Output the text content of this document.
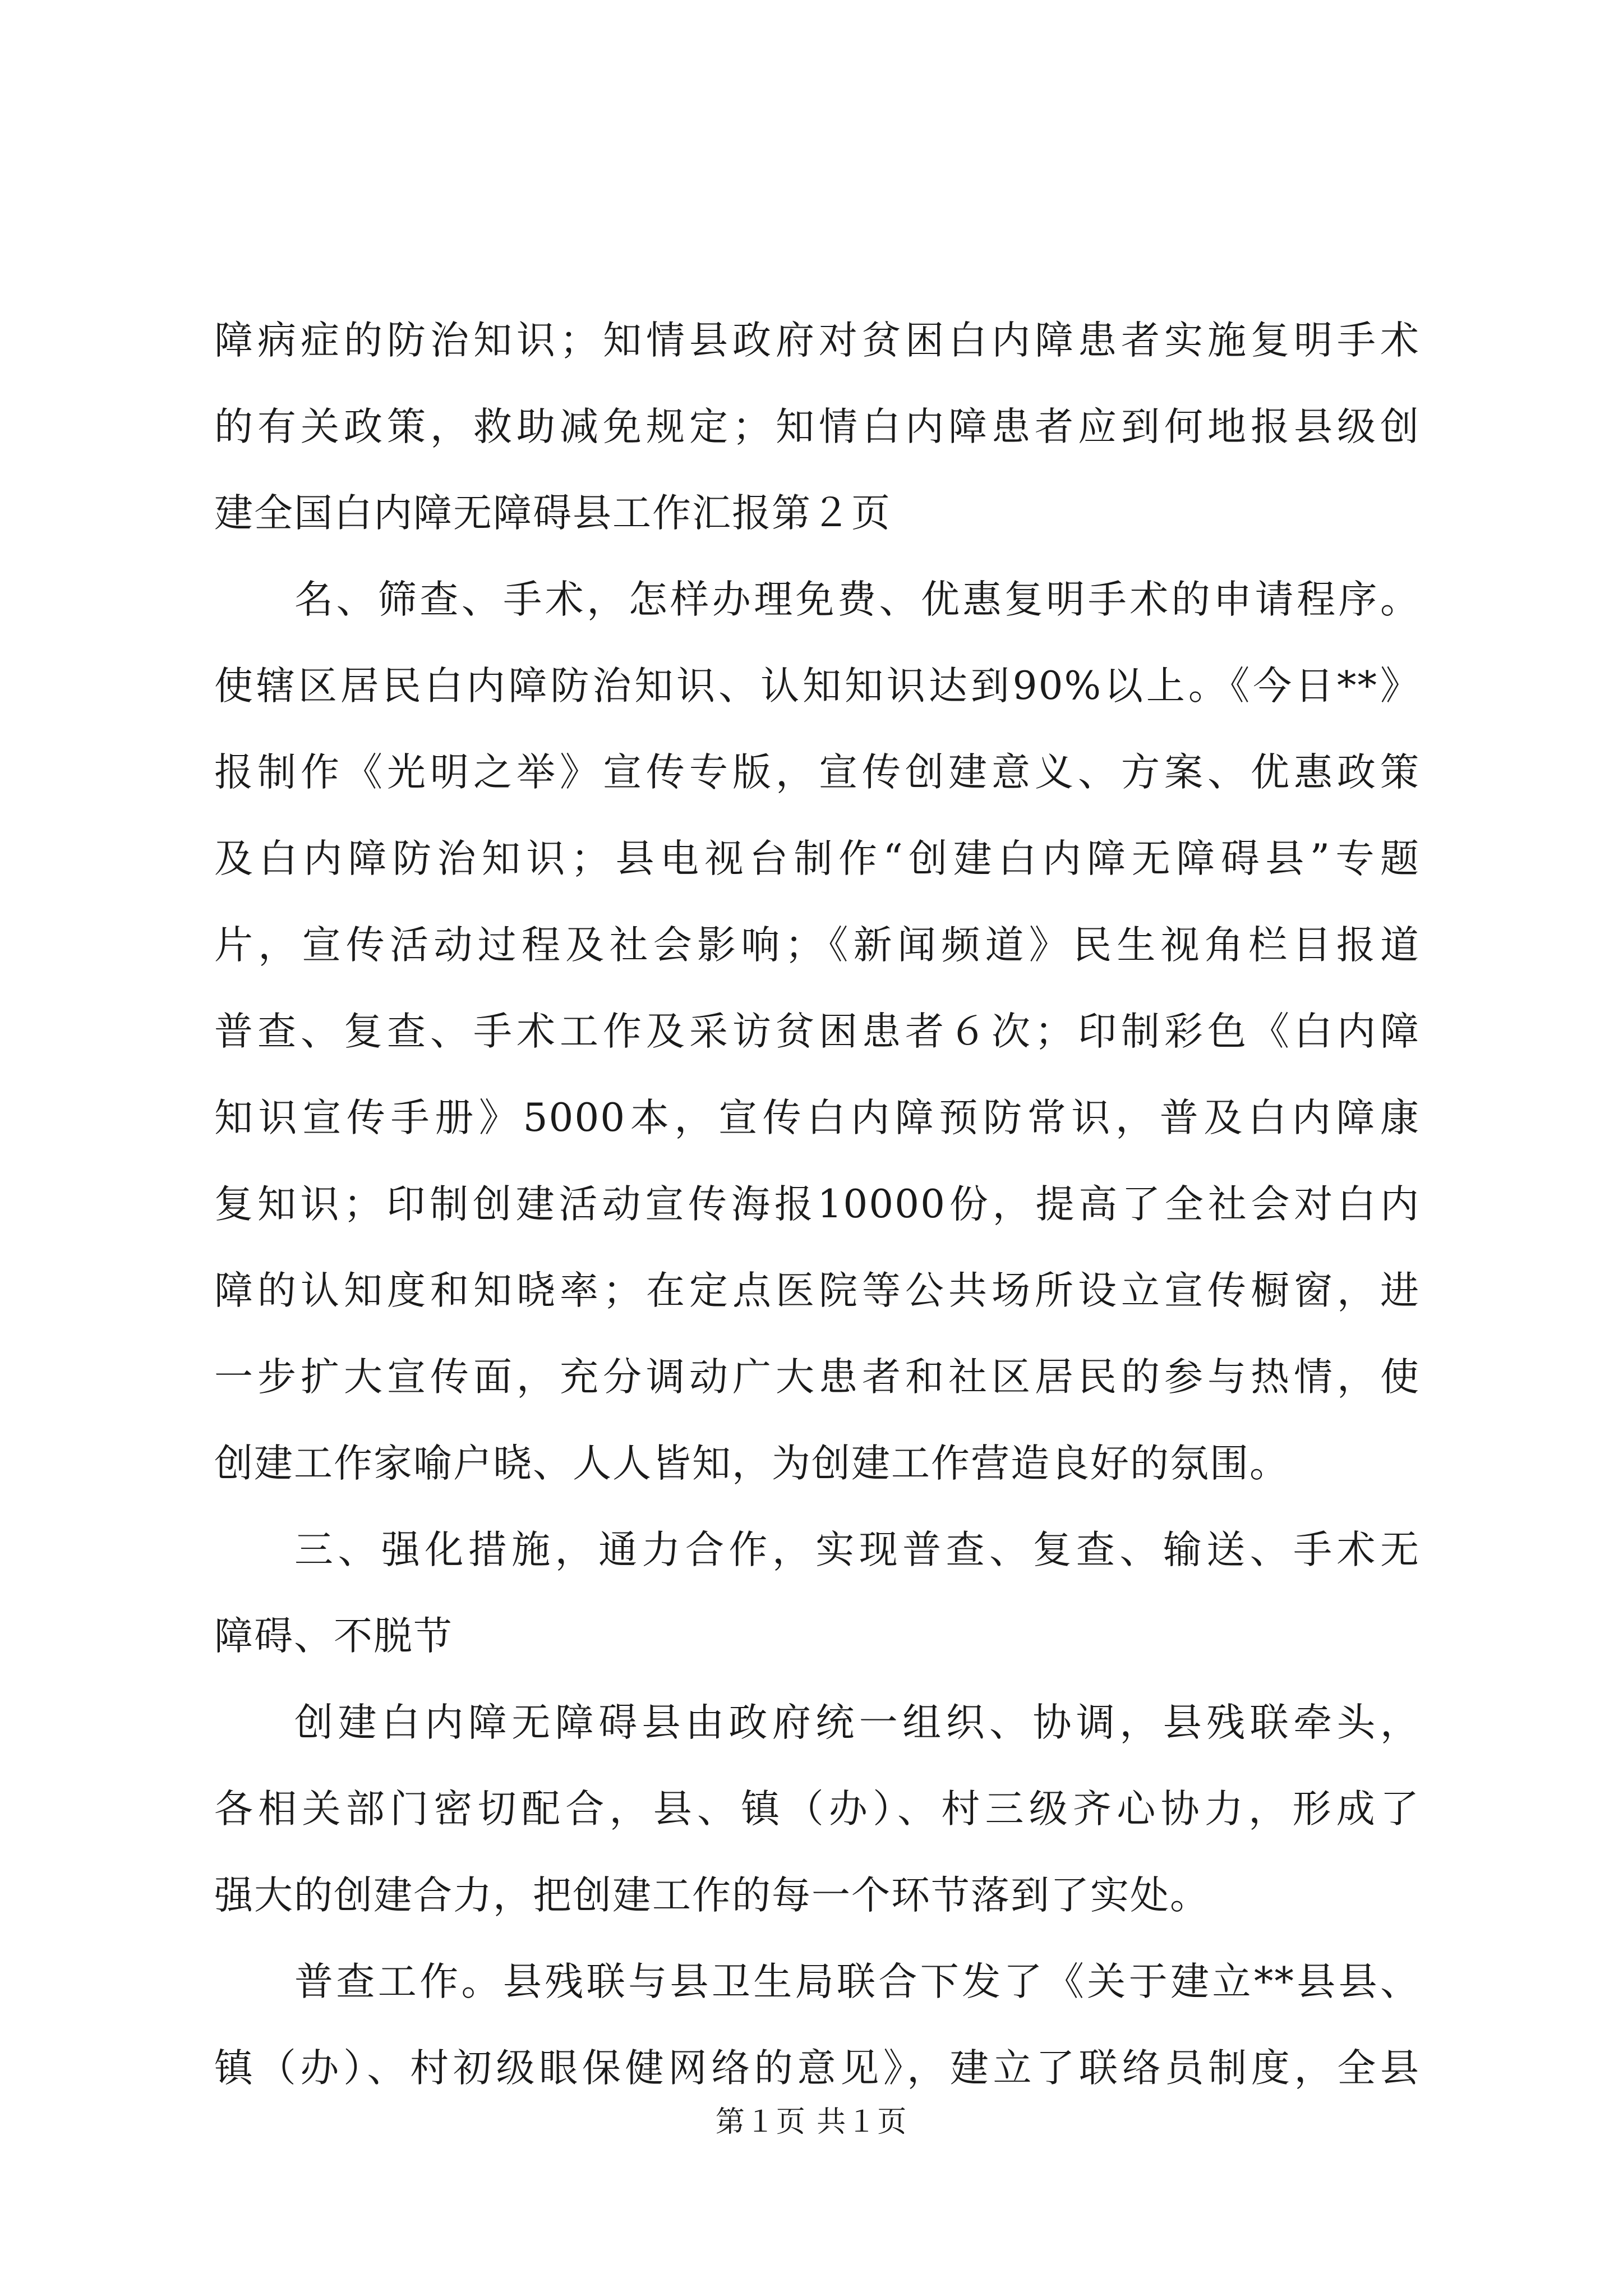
障病症的防治知识；知情县政府对贫困白内障患者实施复明手术
的有关政策，救助减免规定；知情白内障患者应到何地报县级创
建全国白内障无障碍县工作汇报第２页
名、筛查、手术，怎样办理免费、优惠复明手术的申请程序。
使辖区居民白内障防治知识、认知知识达到90%以上。《今日**》
报制作《光明之举》宣传专版，宣传创建意义、方案、优惠政策
及白内障防治知识；县电视台制作“创建白内障无障碍县”专题
片，宣传活动过程及社会影响；《新闻频道》民生视角栏目报道
普查、复查、手术工作及采访贫困患者６次；印制彩色《白内障
知识宣传手册》5000本，宣传白内障预防常识，普及白内障康
复知识；印制创建活动宣传海报10000份，提高了全社会对白内
障的认知度和知晓率；在定点医院等公共场所设立宣传橱窗，进
一步扩大宣传面，充分调动广大患者和社区居民的参与热情，使
创建工作家喻户晓、人人皆知，为创建工作营造良好的氛围。
三、强化措施，通力合作，实现普查、复查、输送、手术无
障碍、不脱节
创建白内障无障碍县由政府统一组织、协调，县残联牵头，
各相关部门密切配合，县、镇（办）、村三级齐心协力，形成了
强大的创建合力，把创建工作的每一个环节落到了实处。
普查工作。县残联与县卫生局联合下发了《关于建立**县县、
镇（办）、村初级眼保健网络的意见》，建立了联络员制度，全县
第１页 共１页
